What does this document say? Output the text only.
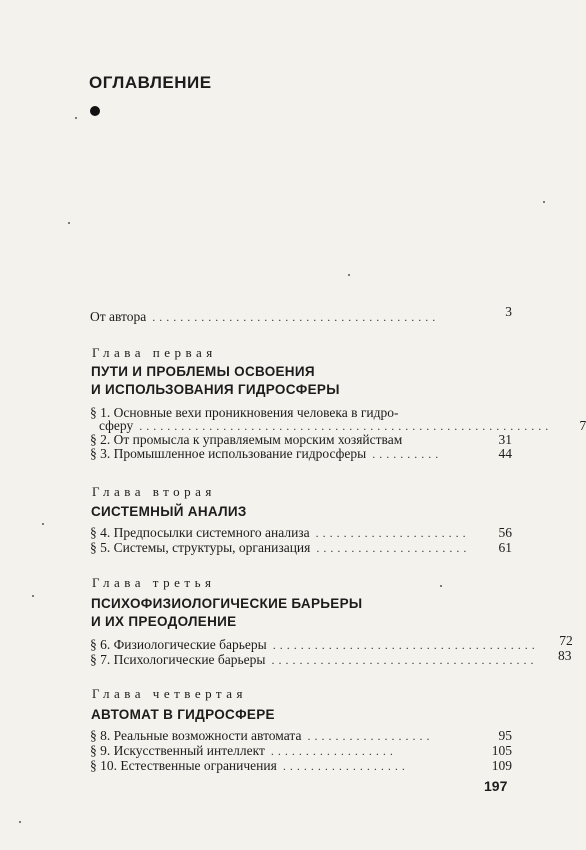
ОГЛАВЛЕНИЕ
От автора .........................................	3
Глава первая
ПУТИ И ПРОБЛЕМЫ ОСВОЕНИЯ
И ИСПОЛЬЗОВАНИЯ ГИДРОСФЕРЫ
§ 1. Основные вехи проникновения человека в гидро-
сферу ...........................................................	7
§ 2. От промысла к управляемым морским хозяйствам	31
§ 3. Промышленное использование гидросферы ..........	44
Глава вторая
СИСТЕМНЫЙ АНАЛИЗ
§ 4. Предпосылки системного анализа ......................	56
§ 5. Системы, структуры, организация ......................	61
Глава третья
ПСИХОФИЗИОЛОГИЧЕСКИЕ БАРЬЕРЫ
И ИХ ПРЕОДОЛЕНИЕ
§ 6. Физиологические барьеры ......................................	72
§ 7. Психологические барьеры ......................................	83
Глава четвертая
АВТОМАТ В ГИДРОСФЕРЕ
§ 8. Реальные возможности автомата ..................	95
§ 9. Искусственный интеллект ..................	105
§ 10. Естественные ограничения ..................	109
197
